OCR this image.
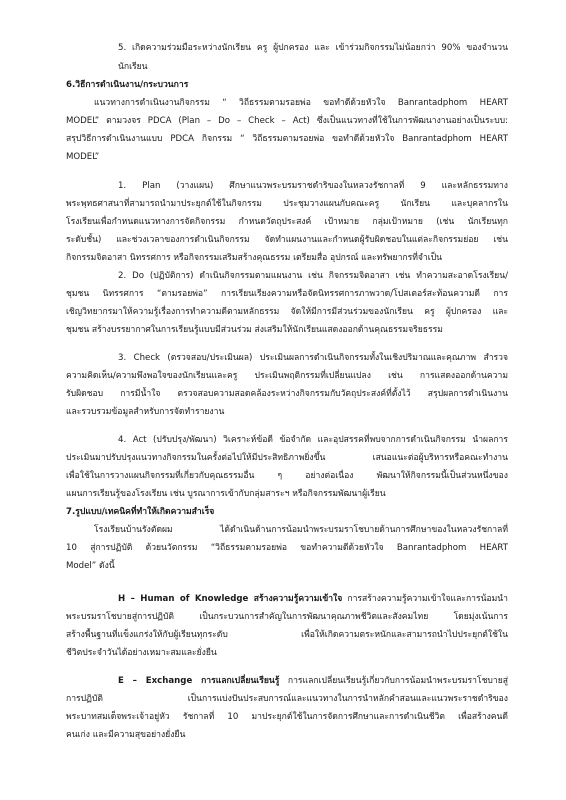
5. เกิดความร่วมมือระหว่างนักเรียน ครู ผู้ปกครอง และ เข้าร่วมกิจกรรมไม่น้อยกว่า 90% ของจำนวน
นักเรียน
6.วิธีการดำเนินงาน/กระบวนการ
แนวทางการดำเนินงานกิจกรรม “ วิถีธรรมตามรอยพ่อ ขอทำดีด้วยหัวใจ Banrantadphom HEART
MODEL” ตามวงจร PDCA (Plan – Do – Check – Act) ซึ่งเป็นแนวทางที่ใช้ในการพัฒนางานอย่างเป็นระบบ:
สรุปวิธีการดำเนินงานแบบ PDCA กิจกรรม “ วิถีธรรมตามรอยพ่อ ขอทำดีด้วยหัวใจ Banrantadphom HEART
MODEL”
1. Plan (วางแผน) ศึกษาแนวพระบรมราชดำริของในหลวงรัชกาลที่ 9 และหลักธรรมทาง
พระพุทธศาสนาที่สามารถนำมาประยุกต์ใช้ในกิจกรรม ประชุมวางแผนกับคณะครู นักเรียน และบุคลากรใน
โรงเรียนเพื่อกำหนดแนวทางการจัดกิจกรรม กำหนดวัตถุประสงค์ เป้าหมาย กลุ่มเป้าหมาย (เช่น นักเรียนทุก
ระดับชั้น) และช่วงเวลาของการดำเนินกิจกรรม จัดทำแผนงานและกำหนดผู้รับผิดชอบในแต่ละกิจกรรมย่อย เช่น
กิจกรรมจิตอาสา นิทรรศการ หรือกิจกรรมเสริมสร้างคุณธรรม เตรียมสื่อ อุปกรณ์ และทรัพยากรที่จำเป็น
2. Do (ปฏิบัติการ) ดำเนินกิจกรรมตามแผนงาน เช่น กิจกรรมจิตอาสา เช่น ทำความสะอาดโรงเรียน/
ชุมชน นิทรรศการ “ตามรอยพ่อ” การเรียนเรียงความหรือจัดนิทรรศการภาพวาด/โปสเตอร์สะท้อนความดี การ
เชิญวิทยากรมาให้ความรู้เรื่องการทำความดีตามหลักธรรม จัดให้มีการมีส่วนร่วมของนักเรียน ครู ผู้ปกครอง และ
ชุมชน สร้างบรรยากาศในการเรียนรู้แบบมีส่วนร่วม ส่งเสริมให้นักเรียนแสดงออกด้านคุณธรรมจริยธรรม
3. Check (ตรวจสอบ/ประเมินผล) ประเมินผลการดำเนินกิจกรรมทั้งในเชิงปริมาณและคุณภาพ สำรวจ
ความคิดเห็น/ความพึงพอใจของนักเรียนและครู ประเมินพฤติกรรมที่เปลี่ยนแปลง เช่น การแสดงออกด้านความ
รับผิดชอบ การมีน้ำใจ ตรวจสอบความสอดคล้องระหว่างกิจกรรมกับวัตถุประสงค์ที่ตั้งไว้ สรุปผลการดำเนินงาน
และรวบรวมข้อมูลสำหรับการจัดทำรายงาน
4. Act (ปรับปรุง/พัฒนา) วิเคราะห์ข้อดี ข้อจำกัด และอุปสรรคที่พบจากการดำเนินกิจกรรม นำผลการ
ประเมินมาปรับปรุงแนวทางกิจกรรมในครั้งต่อไปให้มีประสิทธิภาพยิ่งขึ้น เสนอแนะต่อผู้บริหารหรือคณะทำงาน
เพื่อใช้ในการวางแผนกิจกรรมที่เกี่ยวกับคุณธรรมอื่น ๆ อย่างต่อเนื่อง พัฒนาให้กิจกรรมนี้เป็นส่วนหนึ่งของ
แผนการเรียนรู้ของโรงเรียน เช่น บูรณาการเข้ากับกลุ่มสาระฯ หรือกิจกรรมพัฒนาผู้เรียน
7.รูปแบบ/เทคนิคที่ทำให้เกิดความสำเร็จ
โรงเรียนบ้านรังตัดผม ได้ดำเนินด้านการน้อมนำพระบรมราโชบายด้านการศึกษาของในหลวงรัชกาลที่
10 สู่การปฏิบัติ ด้วยนวัตกรรม “วิถีธรรมตามรอยพ่อ ขอทำความดีด้วยหัวใจ Banrantadphom HEART
Model” ดังนี้
H – Human of Knowledge สร้างความรู้ความเข้าใจ การสร้างความรู้ความเข้าใจและการน้อมนำ
พระบรมราโชบายสู่การปฏิบัติ เป็นกระบวนการสำคัญในการพัฒนาคุณภาพชีวิตและสังคมไทย โดยมุ่งเน้นการ
สร้างพื้นฐานที่แข็งแกร่งให้กับผู้เรียนทุกระดับ เพื่อให้เกิดความตระหนักและสามารถนำไปประยุกต์ใช้ใน
ชีวิตประจำวันได้อย่างเหมาะสมและยั่งยืน
E – Exchange การแลกเปลี่ยนเรียนรู้ การแลกเปลี่ยนเรียนรู้เกี่ยวกับการน้อมนำพระบรมราโชบายสู่
การปฏิบัติ เป็นการแบ่งปันประสบการณ์และแนวทางในการนำหลักคำสอนและแนวพระราชดำริของ
พระบาทสมเด็จพระเจ้าอยู่หัว รัชกาลที่ 10 มาประยุกต์ใช้ในการจัดการศึกษาและการดำเนินชีวิต เพื่อสร้างคนดี
คนเก่ง และมีความสุขอย่างยั่งยืน
